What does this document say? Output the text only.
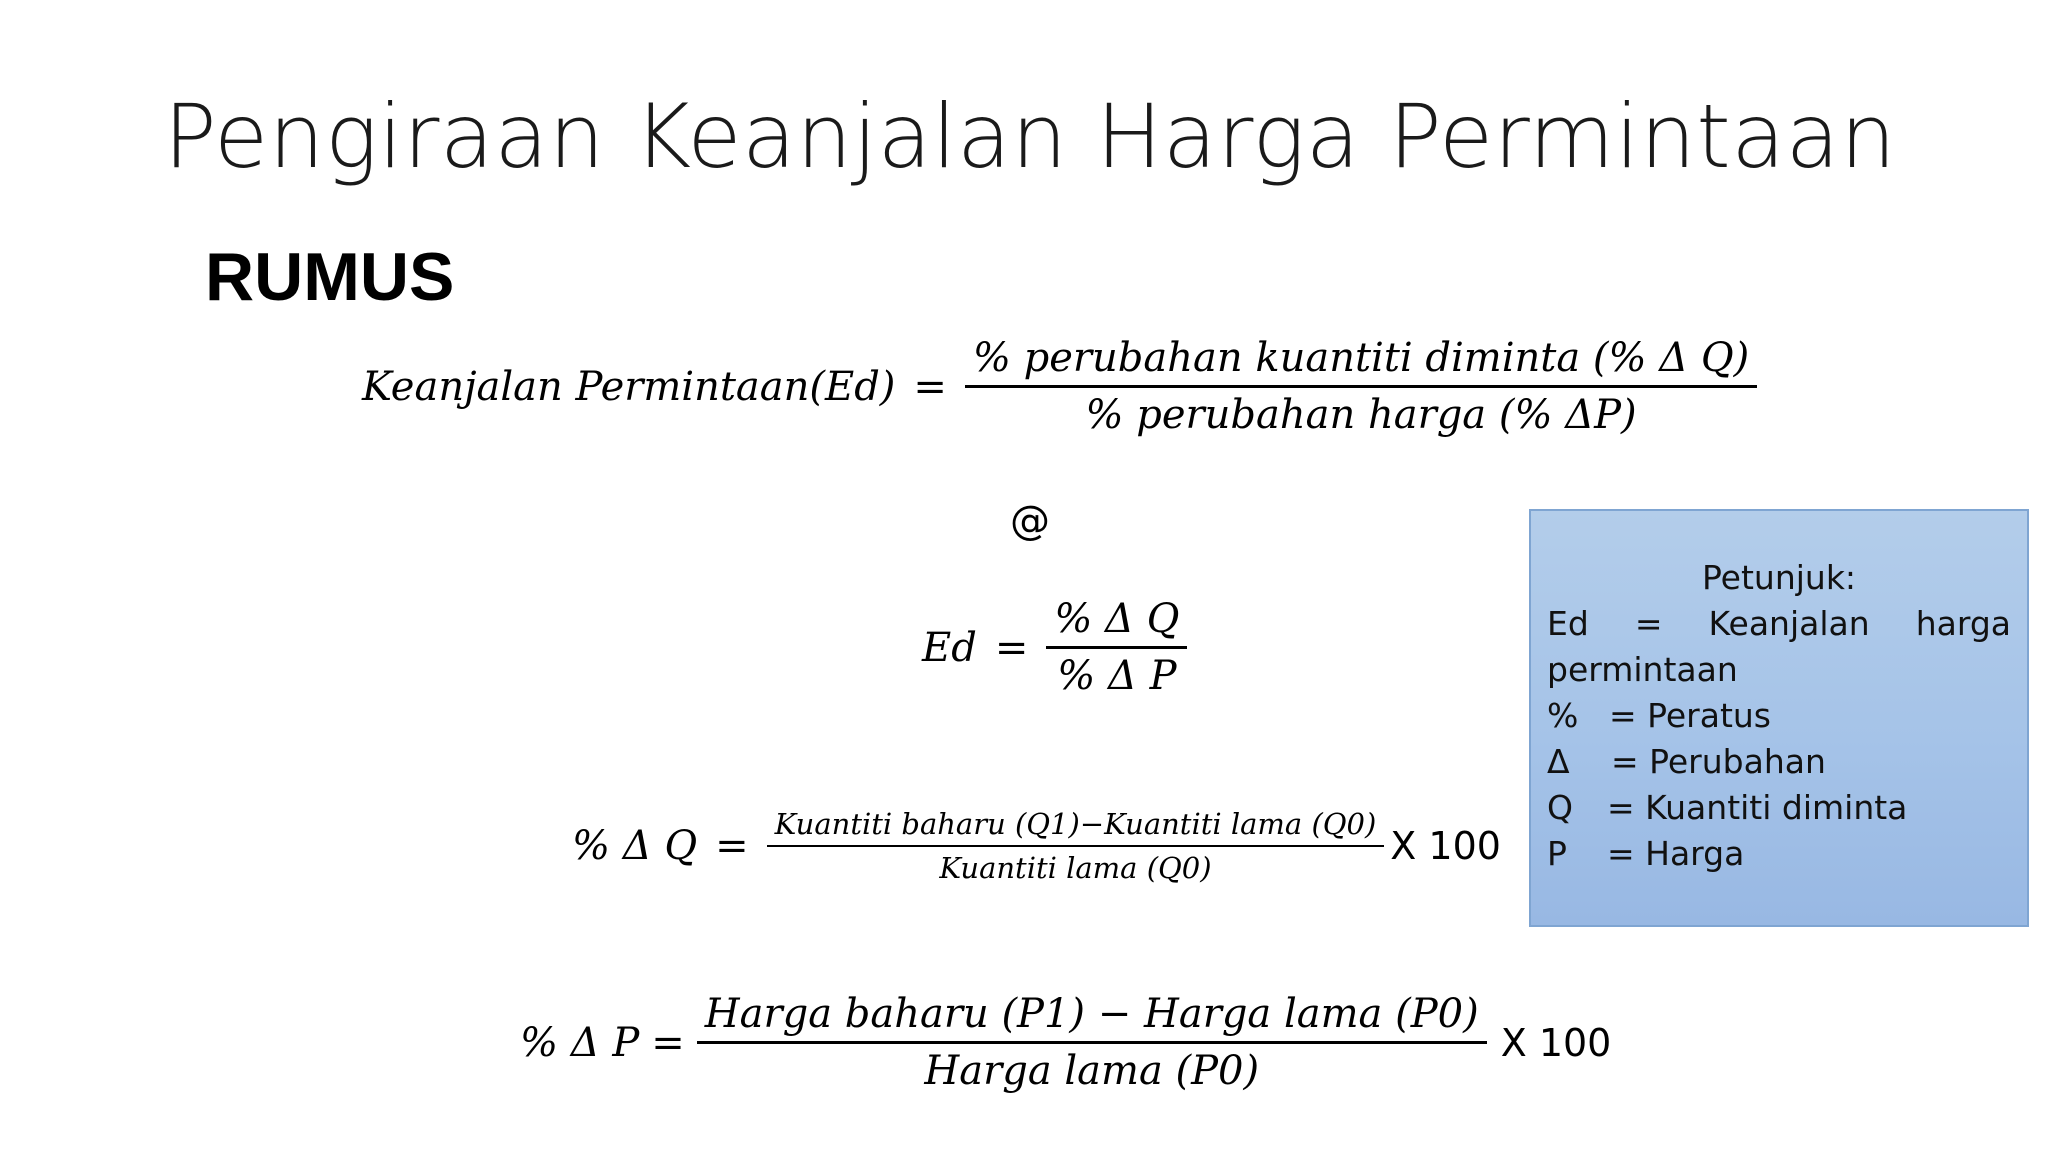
Pengiraan Keanjalan Harga Permintaan
RUMUS
Keanjalan Permintaan(Ed) = $\frac{\text{\% perubahan kuantiti diminta (\% Δ Q)}}{\text{\% perubahan harga (\% ΔP)}}$
@
$Ed = \frac{\text{\% Δ Q}}{\text{\% Δ P}}$
% Δ $Q = \frac{\text{Kuantiti baharu (Q1)−Kuantiti lama (Q0)}}{\text{Kuantiti lama (Q0)}}$ X 100
% Δ $P = \frac{\text{Harga baharu (P1) − Harga lama (P0)}}{\text{Harga lama (P0)}}$ X 100
Petunjuk:
Ed = Keanjalan harga
permintaan
% = Peratus
Δ	= Perubahan
Q	= Kuantiti diminta
P	= Harga
